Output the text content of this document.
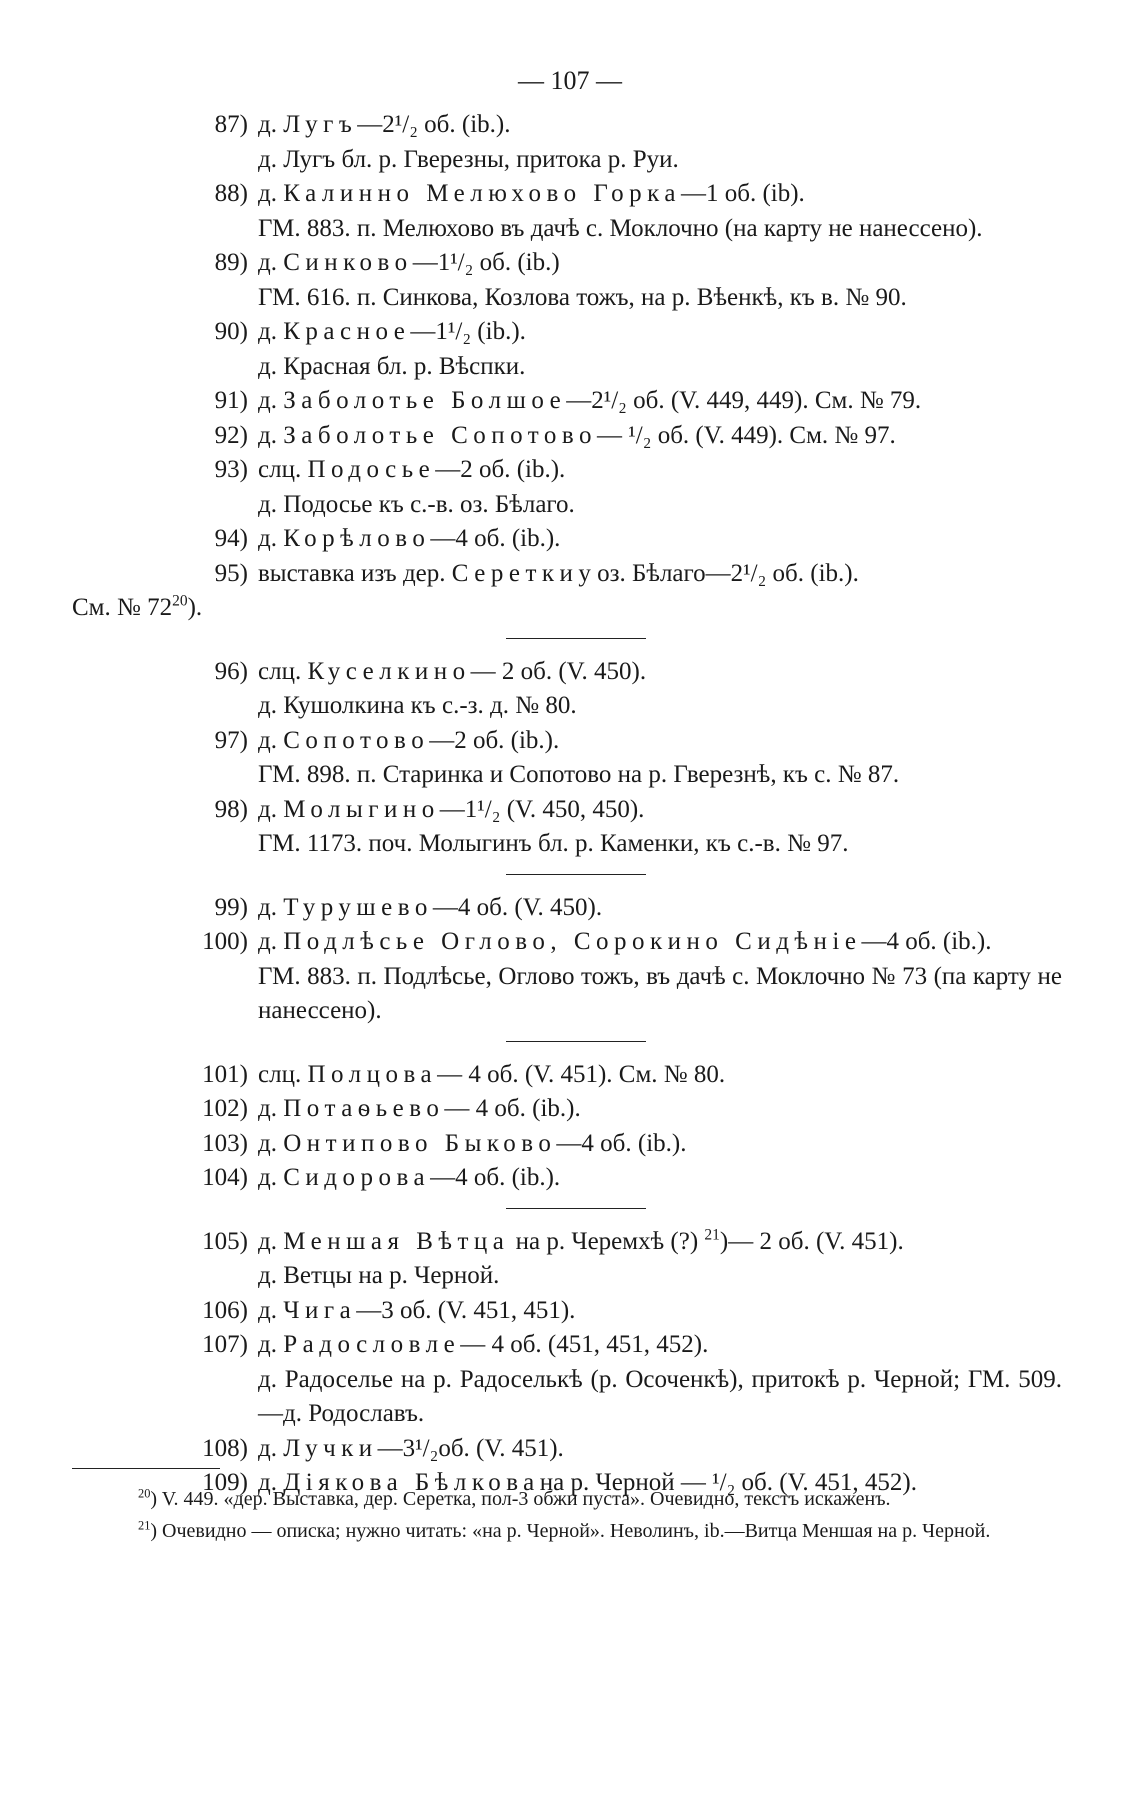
— 107 —
87) д. Лугъ—2¹/₂ об. (ib.).
д. Лугъ бл. р. Гверезны, притока р. Руи.
88) д. Калинно Мелюхово Горка—1 об. (ib).
ГМ. 883. п. Мелюхово въ дачѣ с. Моклочно (на карту не нанессено).
89) д. Синково—1¹/₂ об. (ib.)
ГМ. 616. п. Синкова, Козлова тожъ, на р. Вѣенкѣ, къ в. № 90.
90) д. Красное—1¹/₂ (ib.).
д. Красная бл. р. Вѣспки.
91) д. Заболотье Болшое—2¹/₂ об. (V. 449, 449). См. № 79.
92) д. Заболотье Сопотово— ¹/₂ об. (V. 449). См. № 97.
93) слц. Подосье—2 об. (ib.).
д. Подосье къ с.-в. оз. Бѣлаго.
94) д. Корѣлово—4 об. (ib.).
95) выставка изъ дер. Сереткиу оз. Бѣлаго—2¹/₂ об. (ib.).
См. № $72^{20}$).
96) слц. Куселкино— 2 об. (V. 450).
д. Кушолкина къ с.-з. д. № 80.
97) д. Сопотово—2 об. (ib.).
ГМ. 898. п. Старинка и Сопотово на р. Гверезнѣ, къ с. № 87.
98) д. Молыгино—1¹/₂ (V. 450, 450).
ГМ. 1173. поч. Молыгинъ бл. р. Каменки, къ с.-в. № 97.
99) д. Турушево—4 об. (V. 450).
100) д. Подлѣсье Оглово, Сорокино Сидѣніе—4 об. (ib.).
ГМ. 883. п. Подлѣсье, Оглово тожъ, въ дачѣ с. Моклочно № 73 (па карту не нанессено).
101) слц. Полцова— 4 об. (V. 451). См. № 80.
102) д. Потаѳьево— 4 об. (ib.).
103) д. Онтипово Быково—4 об. (ib.).
104) д. Сидорова—4 об. (ib.).
105) д. Меншая Вѣтца на р. Черемхѣ (?) $^{21}$)— 2 об. (V. 451).
д. Ветцы на р. Черной.
106) д. Чига—3 об. (V. 451, 451).
107) д. Радословле— 4 об. (451, 451, 452).
д. Радоселье на р. Радоселькѣ (р. Осоченкѣ), притокѣ р. Черной; ГМ. 509.—д. Родославъ.
108) д. Лучки—3¹/₂об. (V. 451).
109) д. Діякова Бѣлкована р. Черной — ¹/₂ об. (V. 451, 452).

$^{20}$) V. 449. «дер. Выставка, дер. Серетка, пол-3 обжи пуста». Очевидно, текстъ искаженъ.

$^{21}$) Очевидно — описка; нужно читать: «на р. Черной». Неволинъ, ib.—Витца Меншая на р. Черной.
